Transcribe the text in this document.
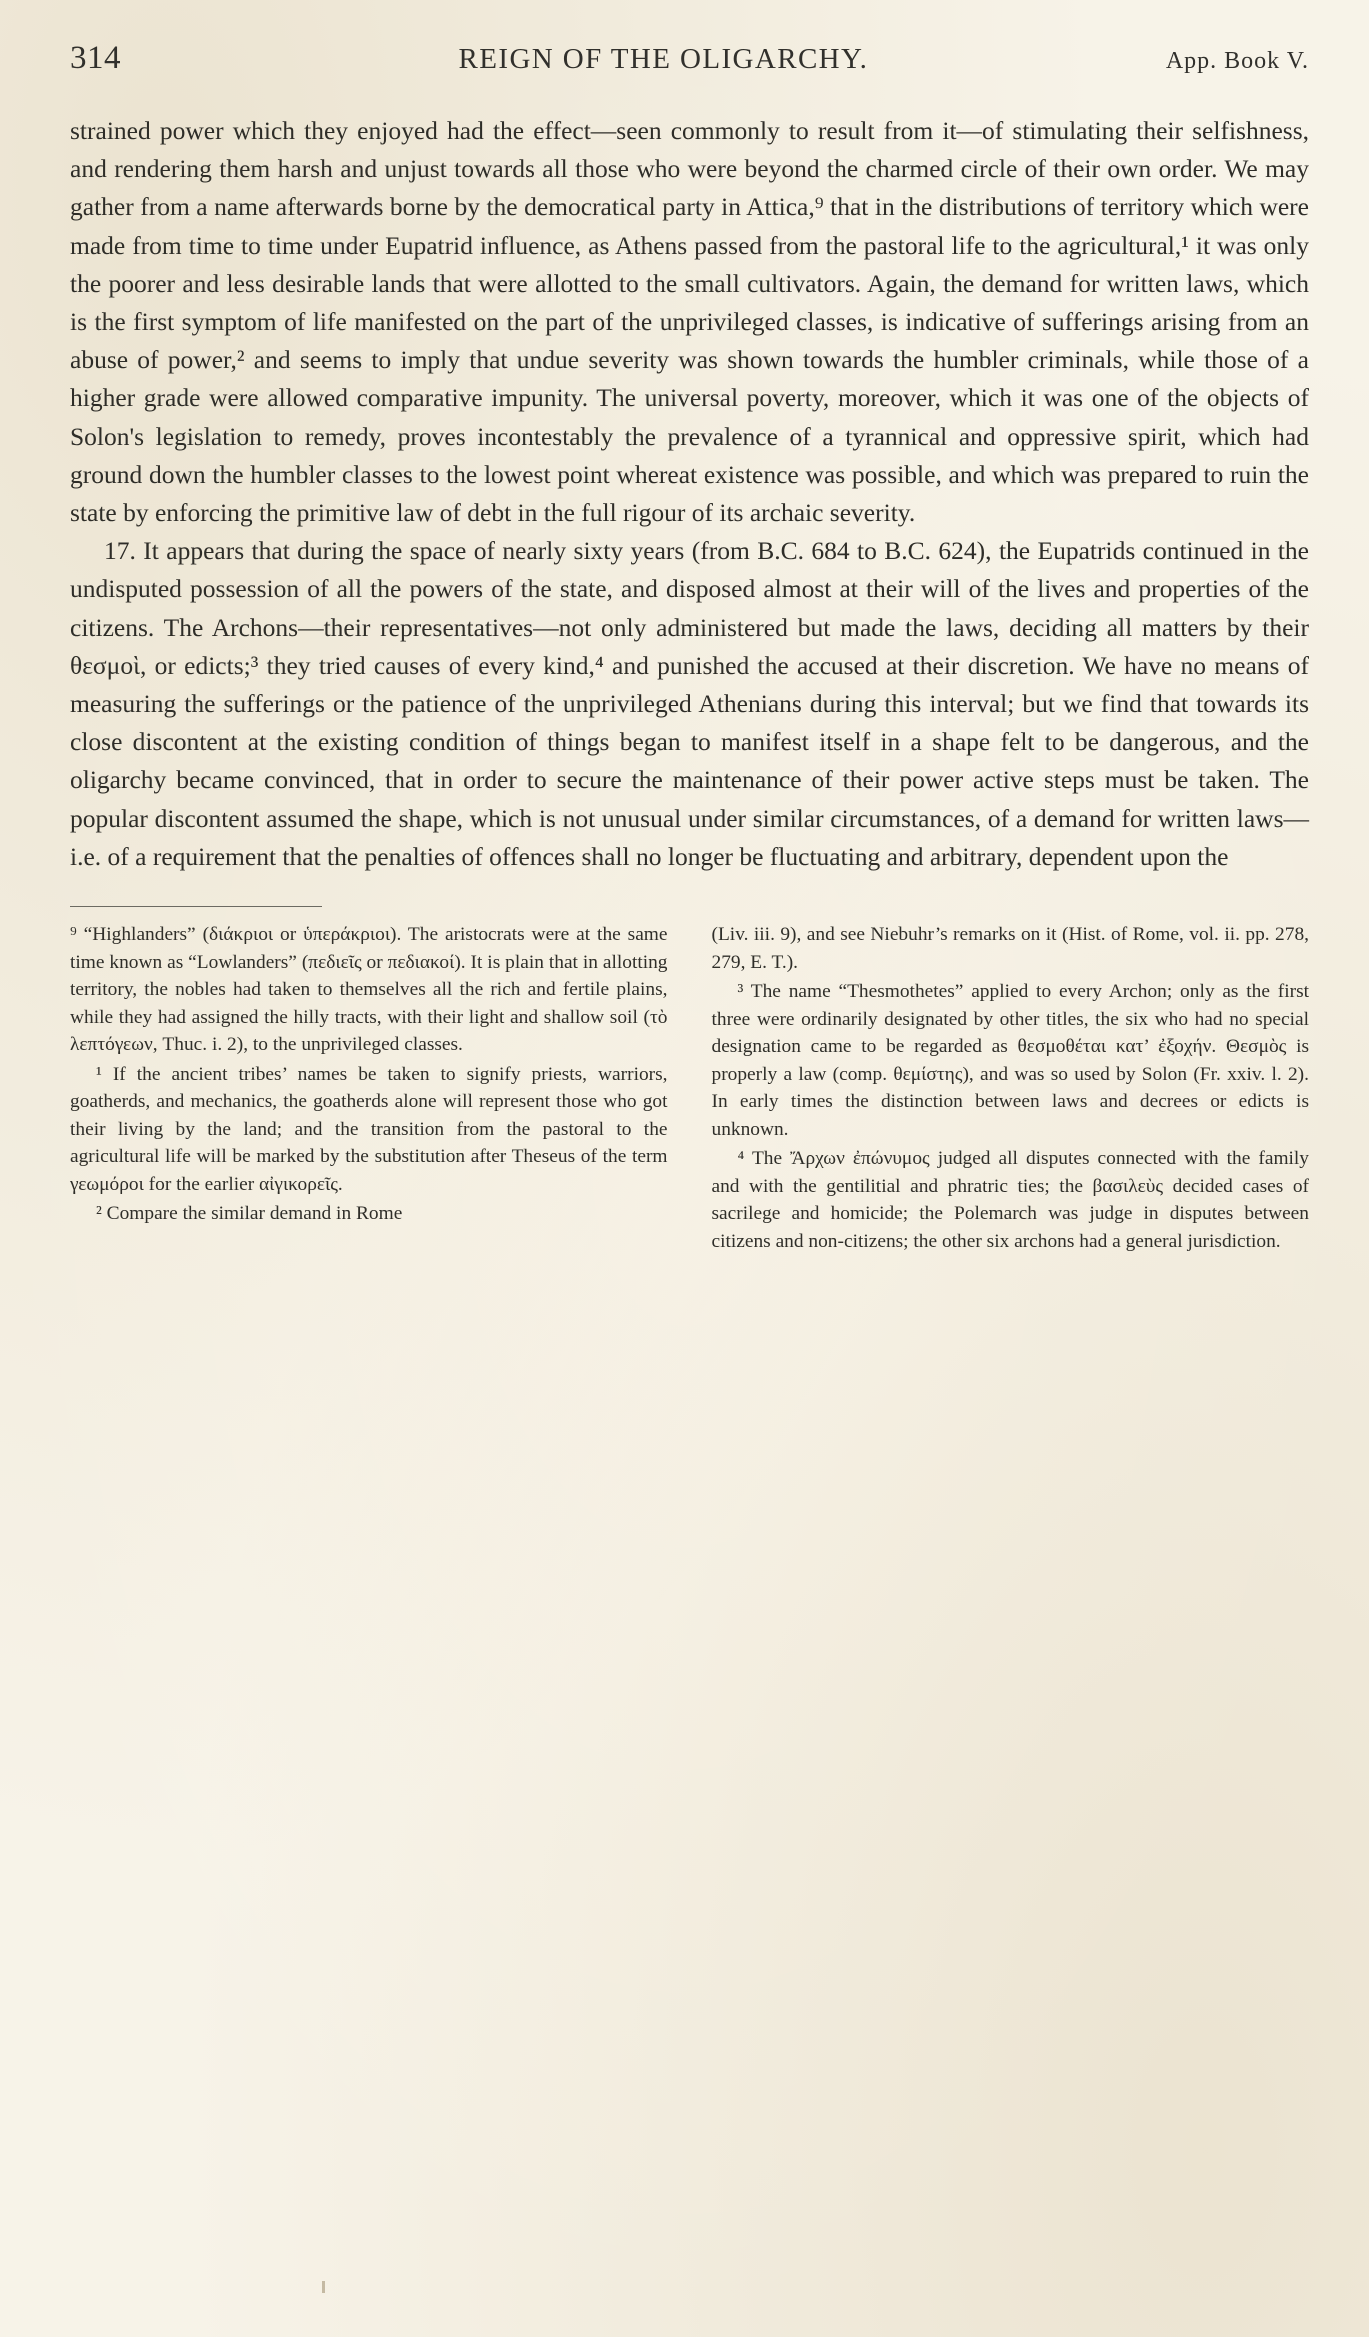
314	REIGN OF THE OLIGARCHY.	App. Book V.

strained power which they enjoyed had the effect—seen commonly to result from it—of stimulating their selfishness, and rendering them harsh and unjust towards all those who were beyond the charmed circle of their own order. We may gather from a name afterwards borne by the democratical party in Attica,⁹ that in the distributions of territory which were made from time to time under Eupatrid influence, as Athens passed from the pastoral life to the agricultural,¹ it was only the poorer and less desirable lands that were allotted to the small cultivators. Again, the demand for written laws, which is the first symptom of life manifested on the part of the unprivileged classes, is indicative of sufferings arising from an abuse of power,² and seems to imply that undue severity was shown towards the humbler criminals, while those of a higher grade were allowed comparative impunity. The universal poverty, moreover, which it was one of the objects of Solon's legislation to remedy, proves incontestably the prevalence of a tyrannical and oppressive spirit, which had ground down the humbler classes to the lowest point whereat existence was possible, and which was prepared to ruin the state by enforcing the primitive law of debt in the full rigour of its archaic severity.

17. It appears that during the space of nearly sixty years (from B.C. 684 to B.C. 624), the Eupatrids continued in the undisputed possession of all the powers of the state, and disposed almost at their will of the lives and properties of the citizens. The Archons—their representatives—not only administered but made the laws, deciding all matters by their θεσμοὶ, or edicts;³ they tried causes of every kind,⁴ and punished the accused at their discretion. We have no means of measuring the sufferings or the patience of the unprivileged Athenians during this interval; but we find that towards its close discontent at the existing condition of things began to manifest itself in a shape felt to be dangerous, and the oligarchy became convinced, that in order to secure the maintenance of their power active steps must be taken. The popular discontent assumed the shape, which is not unusual under similar circumstances, of a demand for written laws—i.e. of a requirement that the penalties of offences shall no longer be fluctuating and arbitrary, dependent upon the

⁹ “Highlanders” (διάκριοι or ὑπεράκριοι). The aristocrats were at the same time known as “Lowlanders” (πεδιεῖς or πεδιακοί). It is plain that in allotting territory, the nobles had taken to themselves all the rich and fertile plains, while they had assigned the hilly tracts, with their light and shallow soil (τὸ λεπτόγεων, Thuc. i. 2), to the unprivileged classes.

¹ If the ancient tribes’ names be taken to signify priests, warriors, goatherds, and mechanics, the goatherds alone will represent those who got their living by the land; and the transition from the pastoral to the agricultural life will be marked by the substitution after Theseus of the term γεωμόροι for the earlier αἰγικορεῖς.

² Compare the similar demand in Rome

(Liv. iii. 9), and see Niebuhr’s remarks on it (Hist. of Rome, vol. ii. pp. 278, 279, E. T.).

³ The name “Thesmothetes” applied to every Archon; only as the first three were ordinarily designated by other titles, the six who had no special designation came to be regarded as θεσμοθέται κατ’ ἐξοχήν. Θεσμὸς is properly a law (comp. θεμίστης), and was so used by Solon (Fr. xxiv. l. 2). In early times the distinction between laws and decrees or edicts is unknown.

⁴ The Ἄρχων ἐπώνυμος judged all disputes connected with the family and with the gentilitial and phratric ties; the βασιλεὺς decided cases of sacrilege and homicide; the Polemarch was judge in disputes between citizens and non-citizens; the other six archons had a general jurisdiction.
